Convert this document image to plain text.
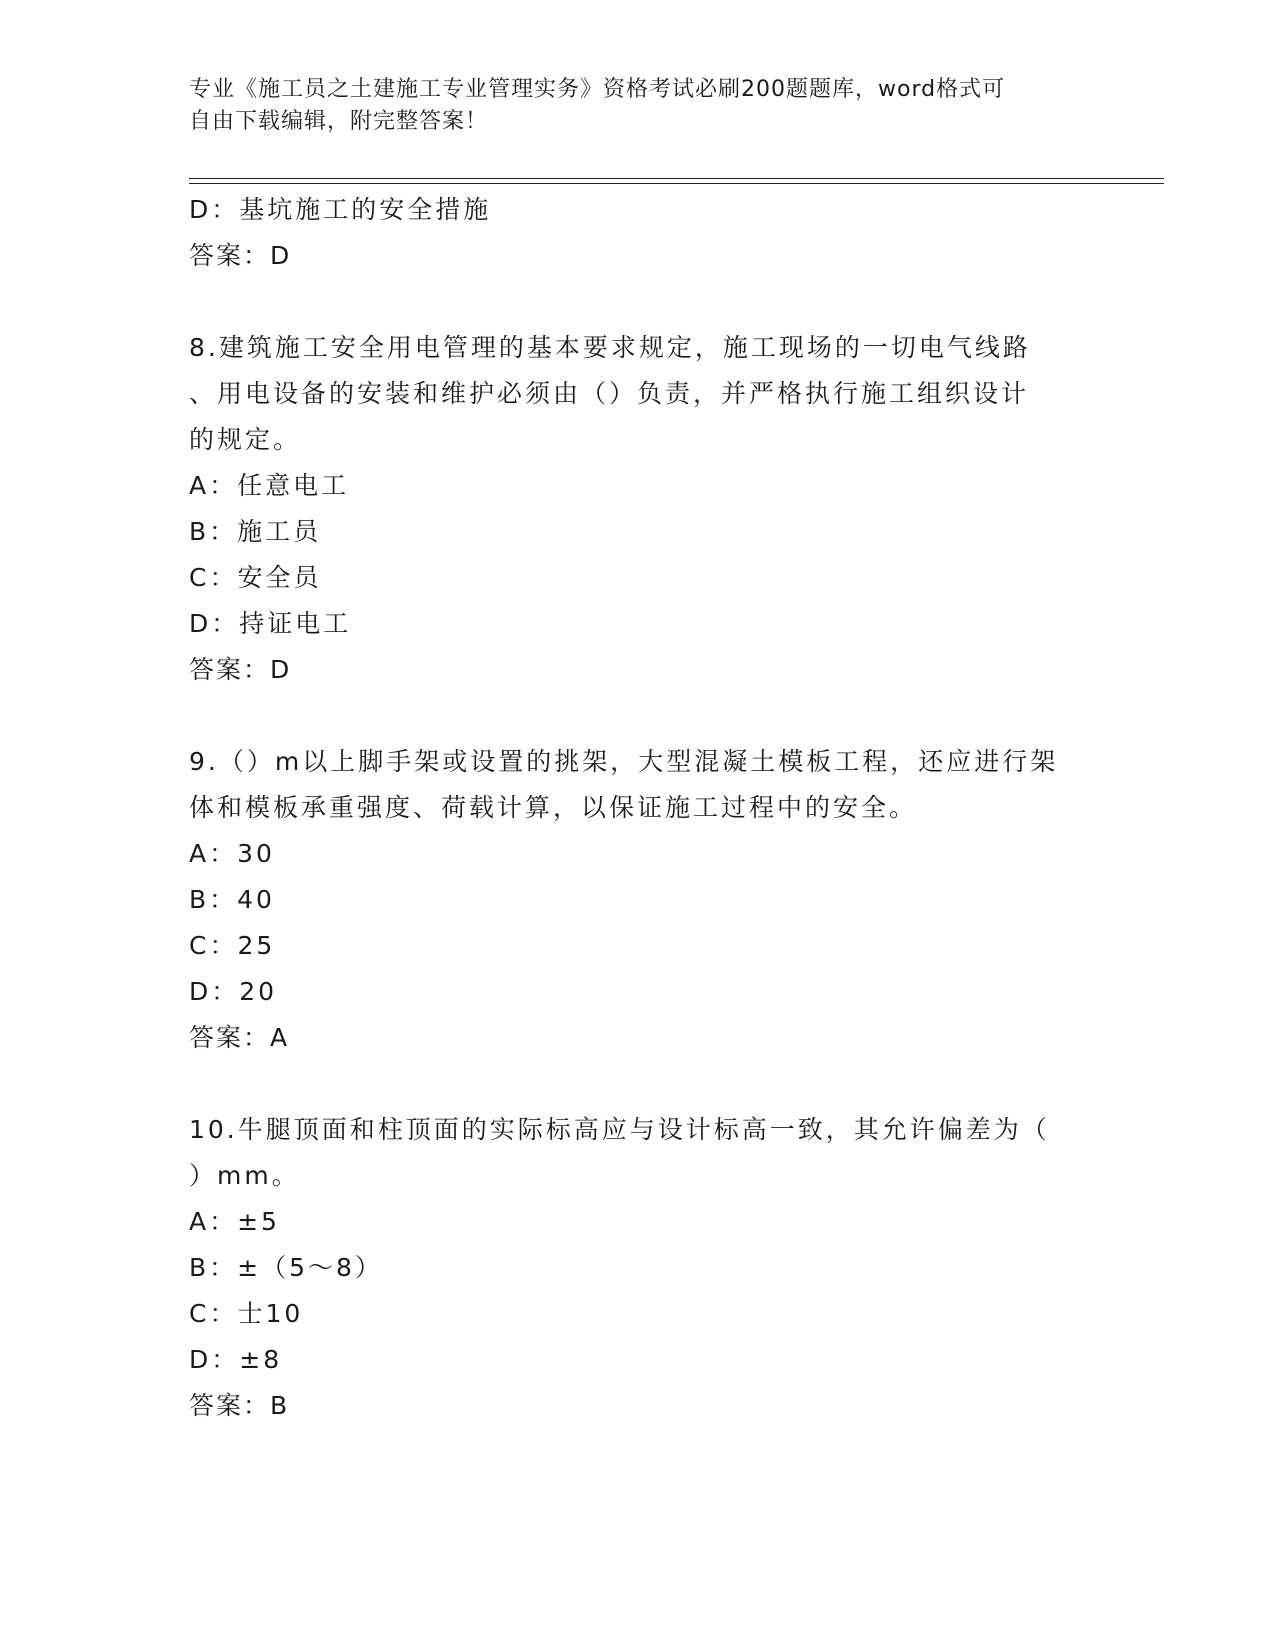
专业《施工员之土建施工专业管理实务》资格考试必刷200题题库，word格式可
自由下载编辑，附完整答案！
D：基坑施工的安全措施
答案：D
8.建筑施工安全用电管理的基本要求规定，施工现场的一切电气线路
、用电设备的安装和维护必须由（）负责，并严格执行施工组织设计
的规定。
A：任意电工
B：施工员
C：安全员
D：持证电工
答案：D
9.（）m以上脚手架或设置的挑架，大型混凝土模板工程，还应进行架
体和模板承重强度、荷载计算，以保证施工过程中的安全。
A：30
B：40
C：25
D：20
答案：A
10.牛腿顶面和柱顶面的实际标高应与设计标高一致，其允许偏差为（
）mm。
A：±5
B：±（5～8）
C：士10
D：±8
答案：B
